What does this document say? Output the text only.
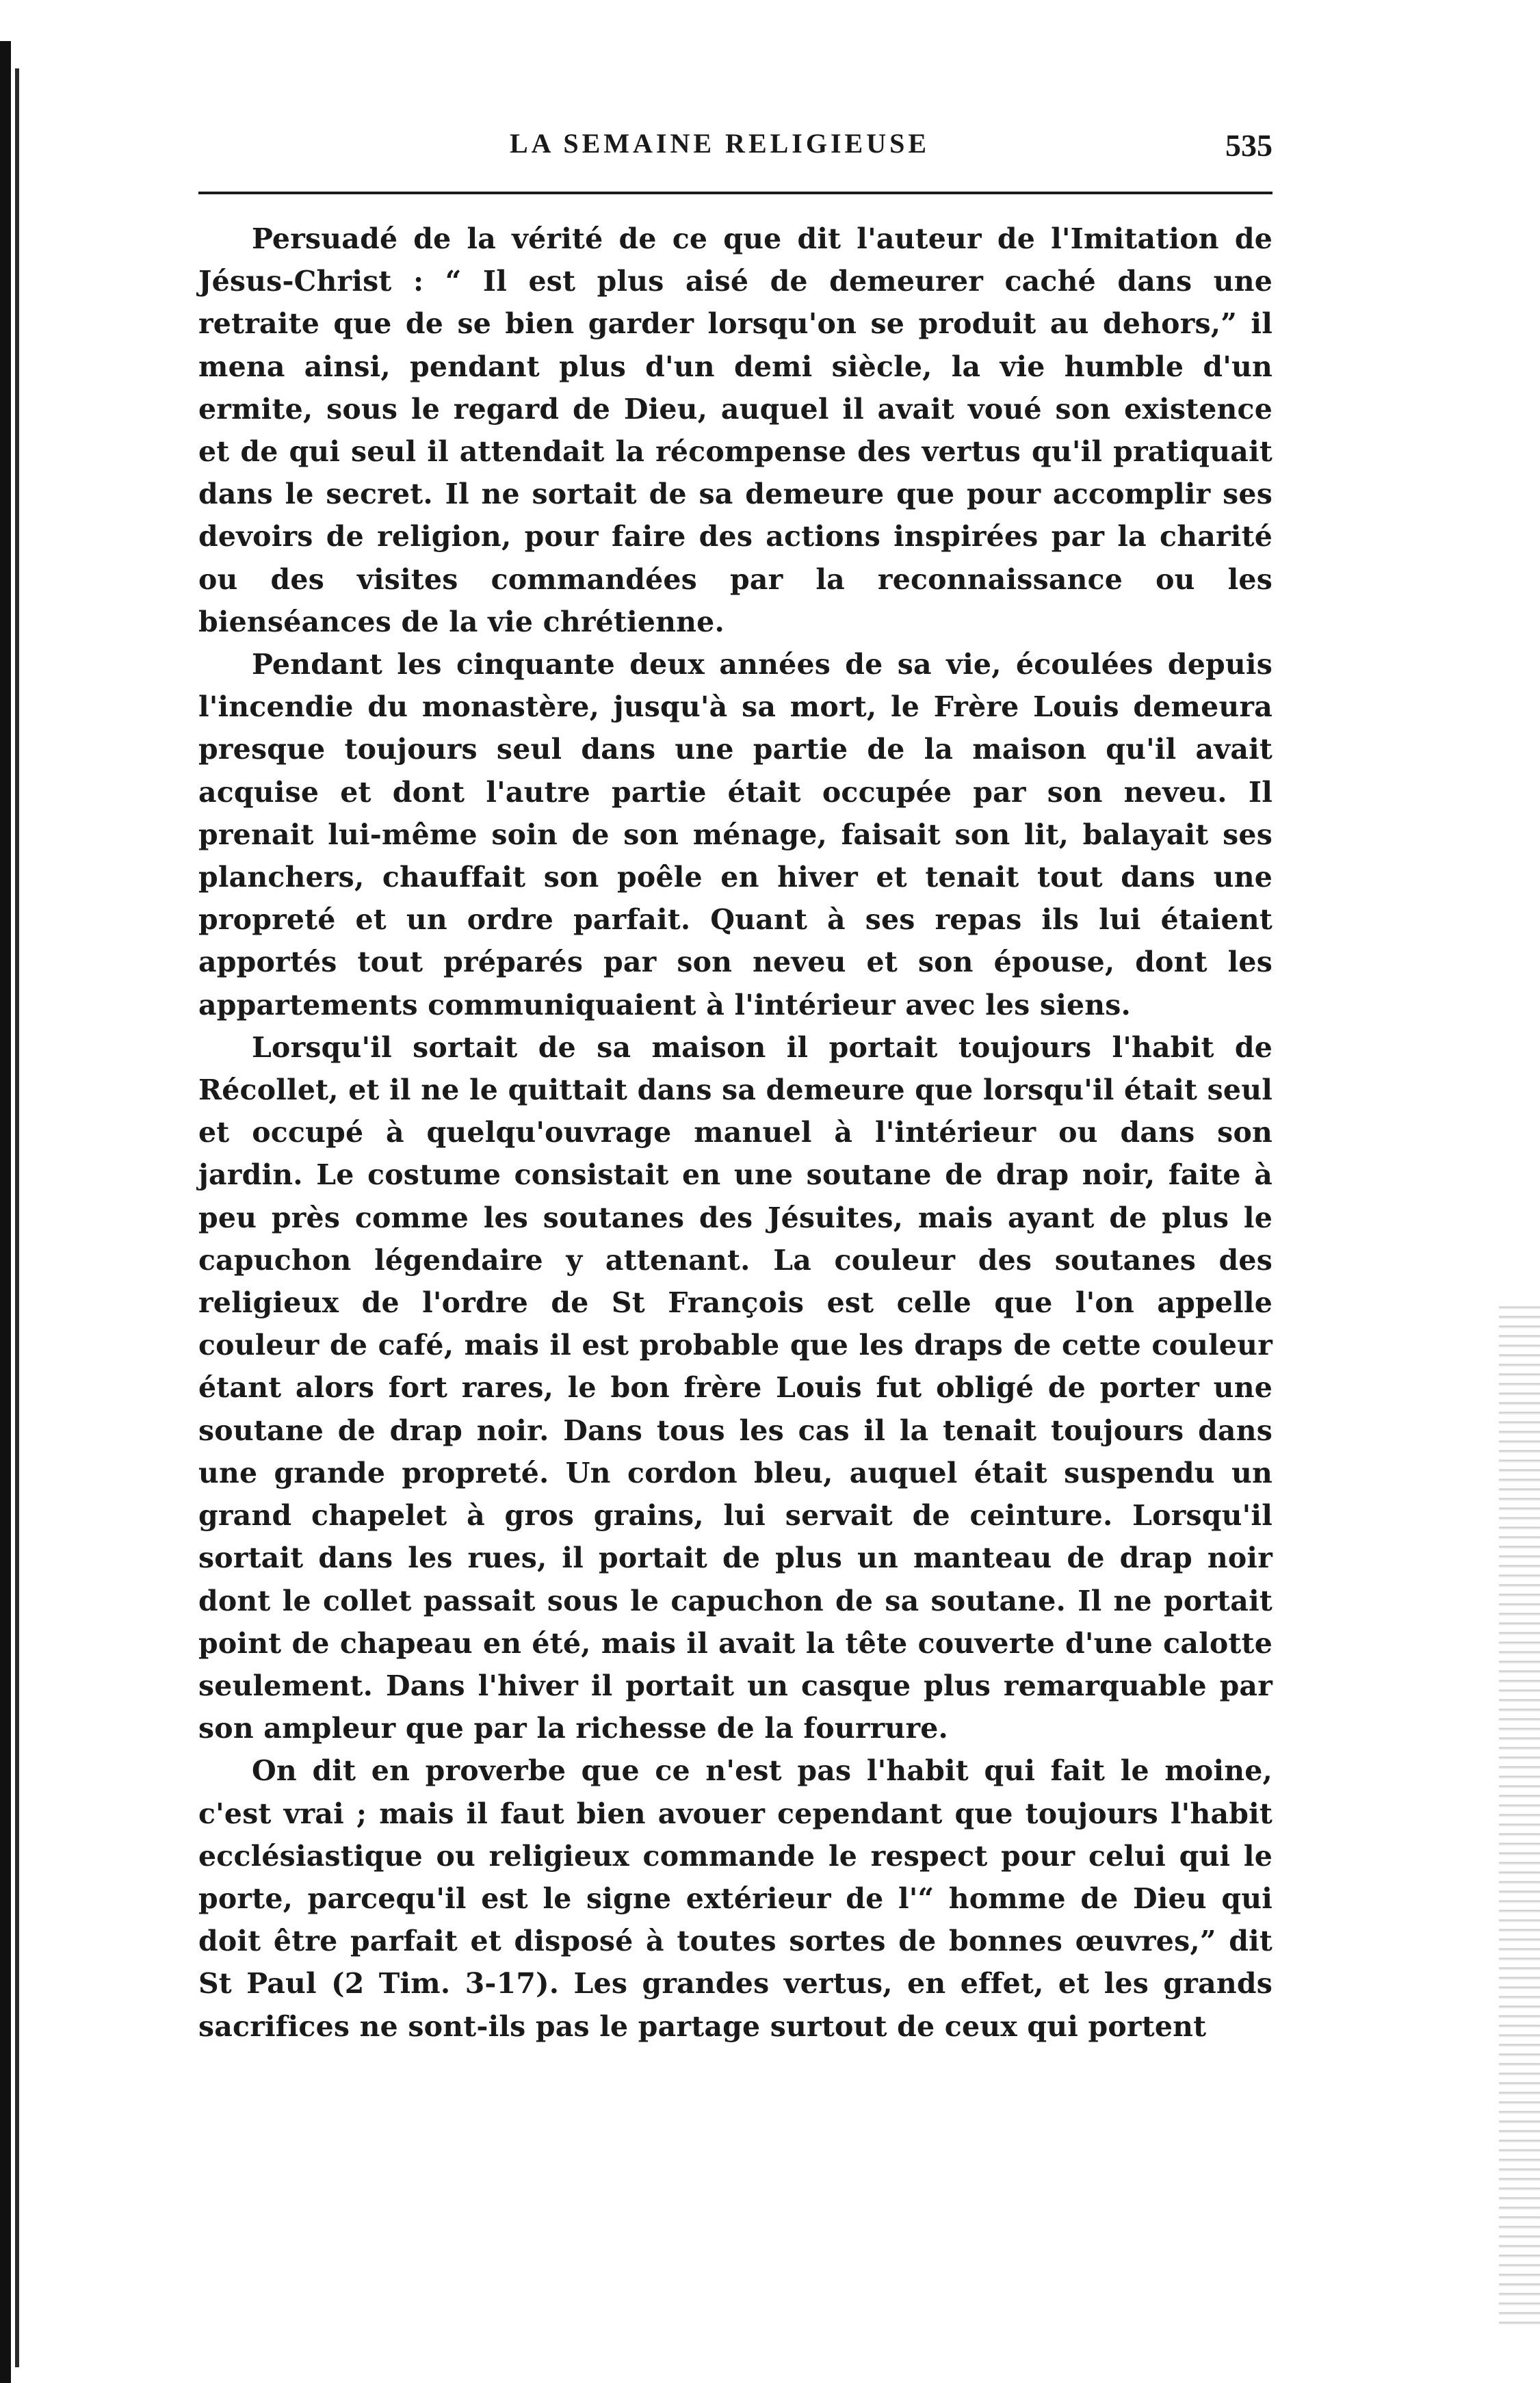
LA SEMAINE RELIGIEUSE	535

Persuadé de la vérité de ce que dit l'auteur de l'Imitation de Jésus-Christ : “ Il est plus aisé de demeurer caché dans une retraite que de se bien garder lorsqu'on se produit au dehors,” il mena ainsi, pendant plus d'un demi siècle, la vie humble d'un ermite, sous le regard de Dieu, auquel il avait voué son existence et de qui seul il attendait la récompense des vertus qu'il pratiquait dans le secret. Il ne sortait de sa demeure que pour accomplir ses devoirs de religion, pour faire des actions inspirées par la charité ou des visites commandées par la reconnaissance ou les bienséances de la vie chrétienne.

Pendant les cinquante deux années de sa vie, écoulées depuis l'incendie du monastère, jusqu'à sa mort, le Frère Louis demeura presque toujours seul dans une partie de la maison qu'il avait acquise et dont l'autre partie était occupée par son neveu. Il prenait lui-même soin de son ménage, faisait son lit, balayait ses planchers, chauffait son poêle en hiver et tenait tout dans une propreté et un ordre parfait. Quant à ses repas ils lui étaient apportés tout préparés par son neveu et son épouse, dont les appartements communiquaient à l'intérieur avec les siens.

Lorsqu'il sortait de sa maison il portait toujours l'habit de Récollet, et il ne le quittait dans sa demeure que lorsqu'il était seul et occupé à quelqu'ouvrage manuel à l'intérieur ou dans son jardin. Le costume consistait en une soutane de drap noir, faite à peu près comme les soutanes des Jésuites, mais ayant de plus le capuchon légendaire y attenant. La couleur des soutanes des religieux de l'ordre de St François est celle que l'on appelle couleur de café, mais il est probable que les draps de cette couleur étant alors fort rares, le bon frère Louis fut obligé de porter une soutane de drap noir. Dans tous les cas il la tenait toujours dans une grande propreté. Un cordon bleu, auquel était suspendu un grand chapelet à gros grains, lui servait de ceinture. Lorsqu'il sortait dans les rues, il portait de plus un manteau de drap noir dont le collet passait sous le capuchon de sa soutane. Il ne portait point de chapeau en été, mais il avait la tête couverte d'une calotte seulement. Dans l'hiver il portait un casque plus remarquable par son ampleur que par la richesse de la fourrure.

On dit en proverbe que ce n'est pas l'habit qui fait le moine, c'est vrai ; mais il faut bien avouer cependant que toujours l'habit ecclésiastique ou religieux commande le respect pour celui qui le porte, parcequ'il est le signe extérieur de l'“ homme de Dieu qui doit être parfait et disposé à toutes sortes de bonnes œuvres,” dit St Paul (2 Tim. 3-17). Les grandes vertus, en effet, et les grands sacrifices ne sont-ils pas le partage surtout de ceux qui portent
